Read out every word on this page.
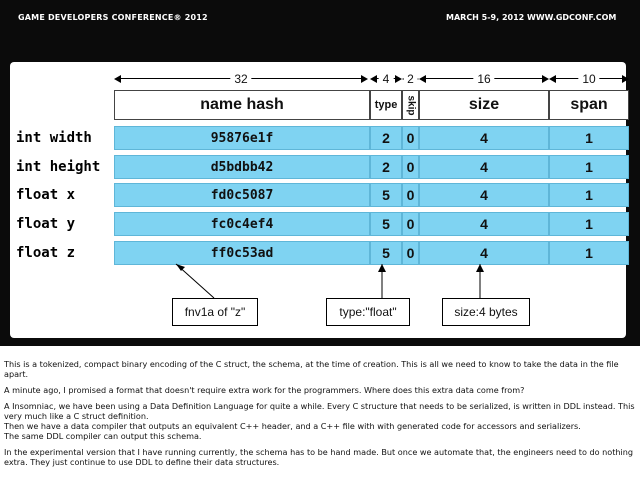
GAME DEVELOPERS CONFERENCE® 2012	MARCH 5-9, 2012 WWW.GDCONF.COM
32	4	2	16	10
name hash	type skip	size	span
int width	95876e1f	2	0	4	1
int height	d5bdbb42	2	0	4	1
float x	fd0c5087	5	0	4	1
float y	fc0c4ef4	5	0	4	1
float z	ff0c53ad	5	0	4	1
fnv1a of "z"	type:"float"	size:4 bytes

This is a tokenized, compact binary encoding of the C struct, the schema, at the time of creation. This is all we need to know to take the data in the file apart.

A minute ago, I promised a format that doesn't require extra work for the programmers. Where does this extra data come from?

A Insomniac, we have been using a Data Definition Language for quite a while. Every C structure that needs to be serialized, is written in DDL instead. This very much like a C struct definition.

Then we have a data compiler that outputs an equivalent C++ header, and a C++ file with with generated code for accessors and serializers.

The same DDL compiler can output this schema.

In the experimental version that I have running currently, the schema has to be hand made. But once we automate that, the engineers need to do nothing extra. They just continue to use DDL to define their data structures.
